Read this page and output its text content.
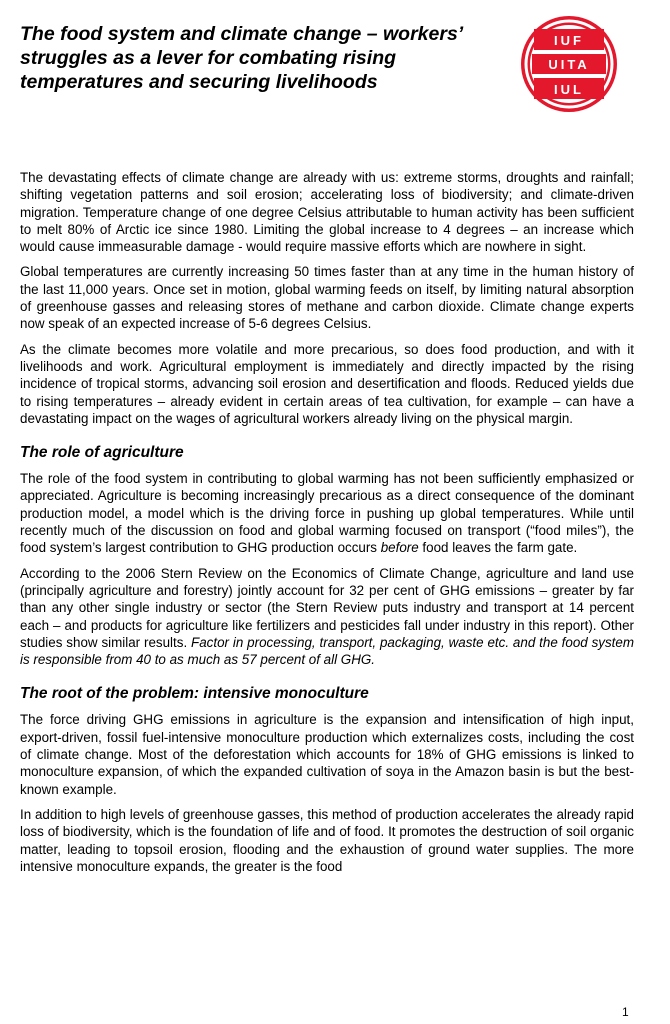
The food system and climate change – workers’ struggles as a lever for combating rising temperatures and securing livelihoods
IUF
UITA
IUL

The devastating effects of climate change are already with us: extreme storms, droughts and rainfall; shifting vegetation patterns and soil erosion; accelerating loss of biodiversity; and climate-driven migration. Temperature change of one degree Celsius attributable to human activity has been sufficient to melt 80% of Arctic ice since 1980. Limiting the global increase to 4 degrees – an increase which would cause immeasurable damage - would require massive efforts which are nowhere in sight.

Global temperatures are currently increasing 50 times faster than at any time in the human history of the last 11,000 years. Once set in motion, global warming feeds on itself, by limiting natural absorption of greenhouse gasses and releasing stores of methane and carbon dioxide. Climate change experts now speak of an expected increase of 5-6 degrees Celsius.

As the climate becomes more volatile and more precarious, so does food production, and with it livelihoods and work. Agricultural employment is immediately and directly impacted by the rising incidence of tropical storms, advancing soil erosion and desertification and floods. Reduced yields due to rising temperatures – already evident in certain areas of tea cultivation, for example – can have a devastating impact on the wages of agricultural workers already living on the physical margin.

The role of agriculture

The role of the food system in contributing to global warming has not been sufficiently emphasized or appreciated. Agriculture is becoming increasingly precarious as a direct consequence of the dominant production model, a model which is the driving force in pushing up global temperatures. While until recently much of the discussion on food and global warming focused on transport (“food miles”), the food system’s largest contribution to GHG production occurs before food leaves the farm gate.

According to the 2006 Stern Review on the Economics of Climate Change, agriculture and land use (principally agriculture and forestry) jointly account for 32 per cent of GHG emissions – greater by far than any other single industry or sector (the Stern Review puts industry and transport at 14 percent each – and products for agriculture like fertilizers and pesticides fall under industry in this report). Other studies show similar results. Factor in processing, transport, packaging, waste etc. and the food system is responsible from 40 to as much as 57 percent of all GHG.

The root of the problem: intensive monoculture

The force driving GHG emissions in agriculture is the expansion and intensification of high input, export-driven, fossil fuel-intensive monoculture production which externalizes costs, including the cost of climate change. Most of the deforestation which accounts for 18% of GHG emissions is linked to monoculture expansion, of which the expanded cultivation of soya in the Amazon basin is but the best-known example.

In addition to high levels of greenhouse gasses, this method of production accelerates the already rapid loss of biodiversity, which is the foundation of life and of food. It promotes the destruction of soil organic matter, leading to topsoil erosion, flooding and the exhaustion of ground water supplies. The more intensive monoculture expands, the greater is the food

1
